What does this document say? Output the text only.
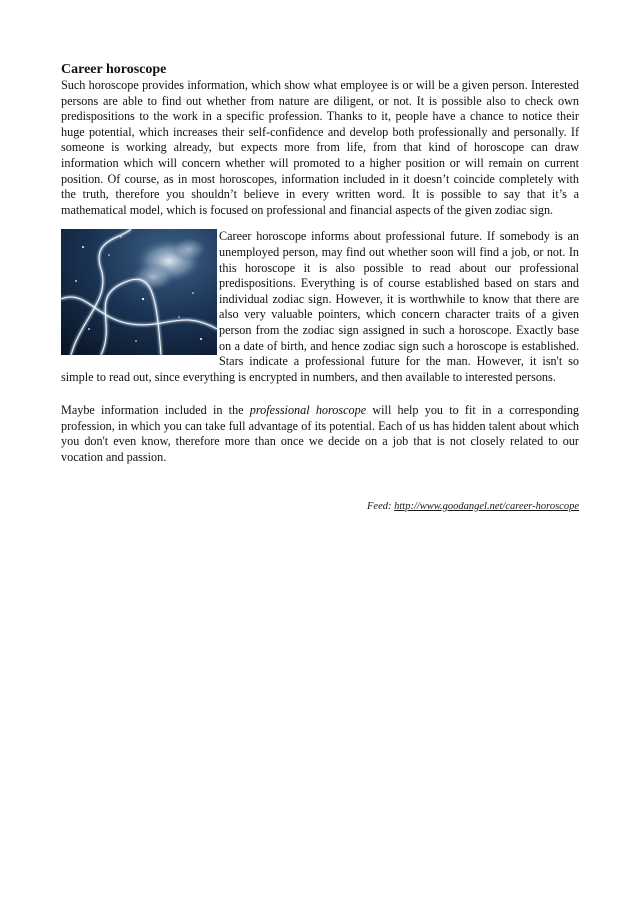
Career horoscope

Such horoscope provides information, which show what employee is or will be a given person. Interested persons are able to find out whether from nature are diligent, or not. It is possible also to check own predispositions to the work in a specific profession. Thanks to it, people have a chance to notice their huge potential, which increases their self-confidence and develop both professionally and personally. If someone is working already, but expects more from life, from that kind of horoscope can draw information which will concern whether will promoted to a higher position or will remain on current position. Of course, as in most horoscopes, information included in it doesn’t coincide completely with the truth, therefore you shouldn’t believe in every written word. It is possible to say that it’s a mathematical model, which is focused on professional and financial aspects of the given zodiac sign.

Career horoscope informs about professional future. If somebody is an unemployed person, may find out whether soon will find a job, or not. In this horoscope it is also possible to read about our professional predispositions. Everything is of course established based on stars and individual zodiac sign. However, it is worthwhile to know that there are also very valuable pointers, which concern character traits of a given person from the zodiac sign assigned in such a horoscope. Exactly base on a date of birth, and hence zodiac sign such a horoscope is established. Stars indicate a professional future for the man. However, it isn't so simple to read out, since everything is encrypted in numbers, and then available to interested persons.

Maybe information included in the professional horoscope will help you to fit in a corresponding profession, in which you can take full advantage of its potential. Each of us has hidden talent about which you don't even know, therefore more than once we decide on a job that is not closely related to our vocation and passion.

Feed: http://www.goodangel.net/career-horoscope
